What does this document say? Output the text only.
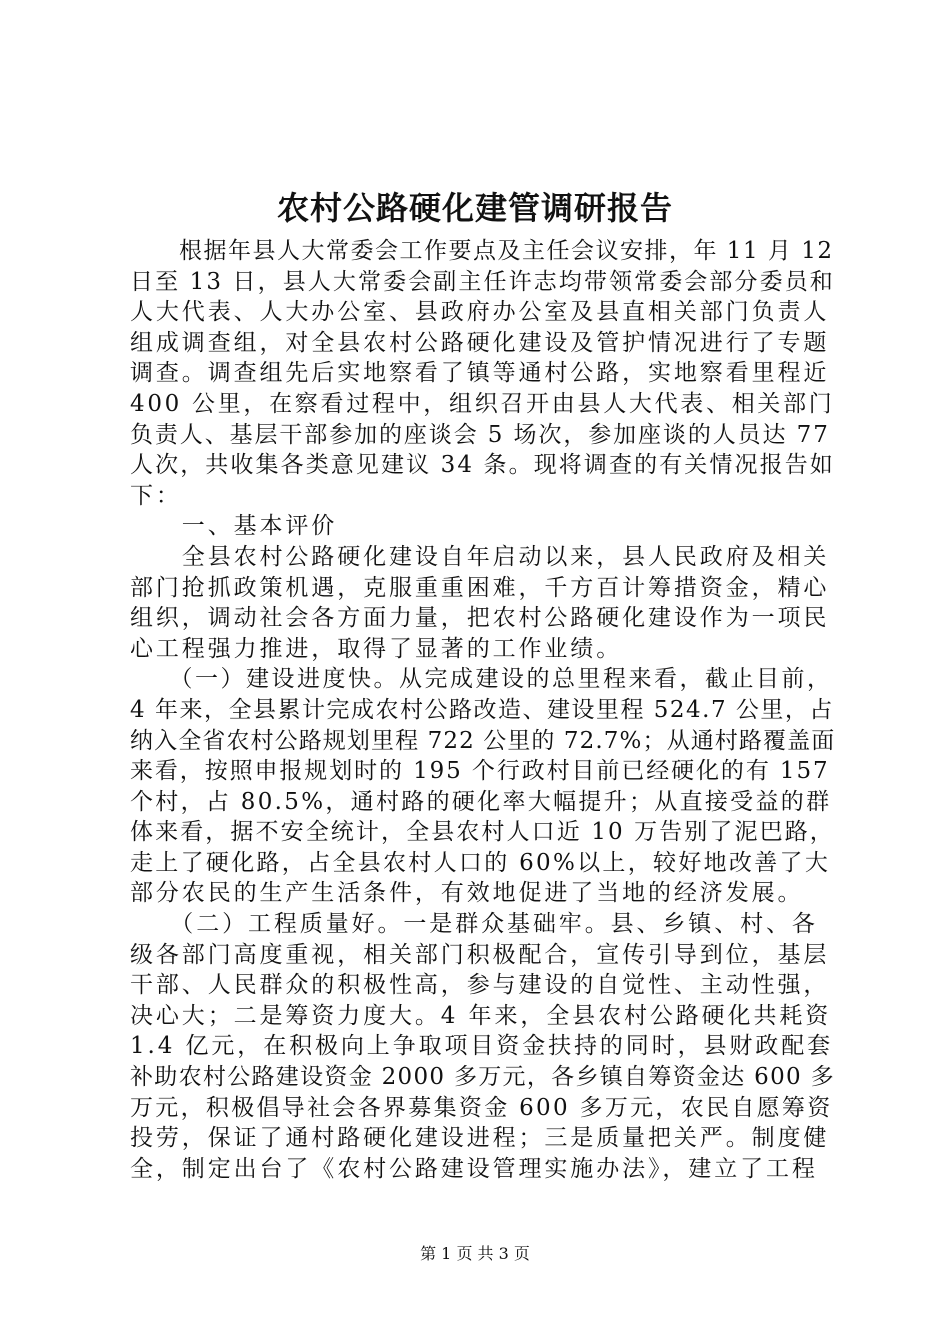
农村公路硬化建管调研报告
　　根据年县人大常委会工作要点及主任会议安排，年 11 月 12
日至 13 日，县人大常委会副主任许志均带领常委会部分委员和
人大代表、人大办公室、县政府办公室及县直相关部门负责人
组成调查组，对全县农村公路硬化建设及管护情况进行了专题
调查。调查组先后实地察看了镇等通村公路，实地察看里程近
400 公里，在察看过程中，组织召开由县人大代表、相关部门
负责人、基层干部参加的座谈会 5 场次，参加座谈的人员达 77
人次，共收集各类意见建议 34 条。现将调查的有关情况报告如
下：
　　一、基本评价
　　全县农村公路硬化建设自年启动以来，县人民政府及相关
部门抢抓政策机遇，克服重重困难，千方百计筹措资金，精心
组织，调动社会各方面力量，把农村公路硬化建设作为一项民
心工程强力推进，取得了显著的工作业绩。
　　（一）建设进度快。从完成建设的总里程来看，截止目前，
4 年来，全县累计完成农村公路改造、建设里程 524.7 公里，占
纳入全省农村公路规划里程 722 公里的 72.7%；从通村路覆盖面
来看，按照申报规划时的 195 个行政村目前已经硬化的有 157
个村，占 80.5%，通村路的硬化率大幅提升；从直接受益的群
体来看，据不安全统计，全县农村人口近 10 万告别了泥巴路，
走上了硬化路，占全县农村人口的 60%以上，较好地改善了大
部分农民的生产生活条件，有效地促进了当地的经济发展。
　　（二）工程质量好。一是群众基础牢。县、乡镇、村、各
级各部门高度重视，相关部门积极配合，宣传引导到位，基层
干部、人民群众的积极性高，参与建设的自觉性、主动性强，
决心大；二是筹资力度大。4 年来，全县农村公路硬化共耗资
1.4 亿元，在积极向上争取项目资金扶持的同时，县财政配套
补助农村公路建设资金 2000 多万元，各乡镇自筹资金达 600 多
万元，积极倡导社会各界募集资金 600 多万元，农民自愿筹资
投劳，保证了通村路硬化建设进程；三是质量把关严。制度健
全，制定出台了《农村公路建设管理实施办法》，建立了工程
第 1 页 共 3 页
